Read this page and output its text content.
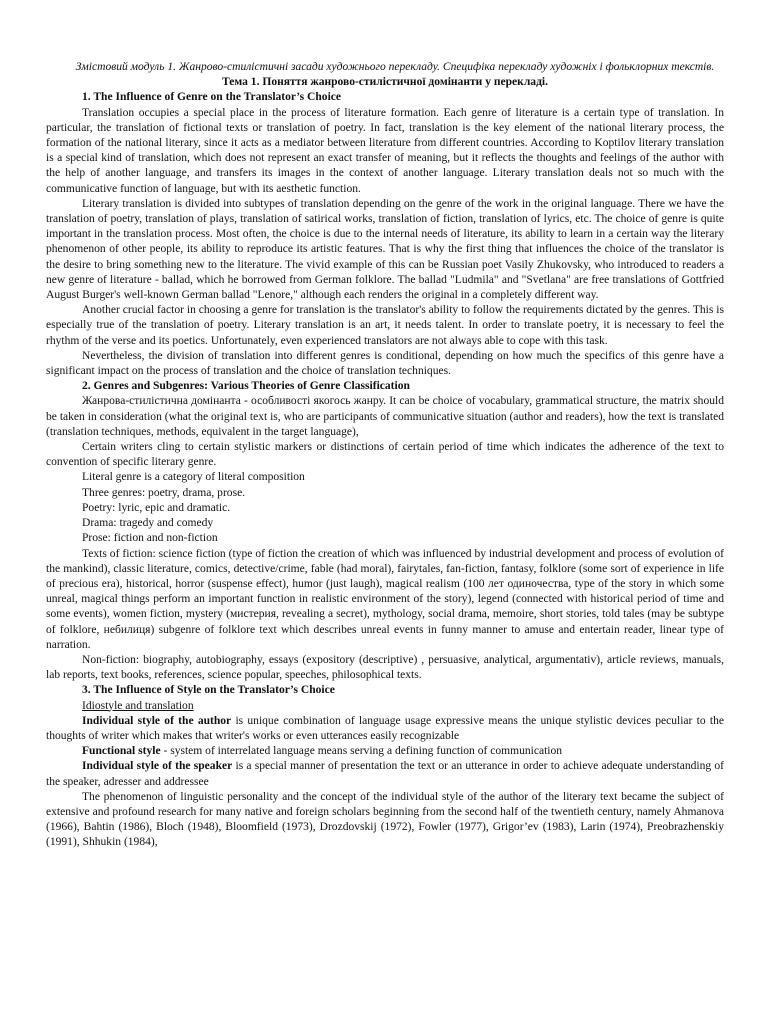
Змістовий модуль 1. Жанрово-стилістичні засади художнього перекладу. Специфіка перекладу художніх і фольклорних текстів.
Тема 1. Поняття жанрово-стилістичної домінанти у перекладі.
1. The Influence of Genre on the Translator’s Choice

Translation occupies a special place in the process of literature formation. Each genre of literature is a certain type of translation. In particular, the translation of fictional texts or translation of poetry. In fact, translation is the key element of the national literary process, the formation of the national literary, since it acts as a mediator between literature from different countries. According to Koptilov literary translation is a special kind of translation, which does not represent an exact transfer of meaning, but it reflects the thoughts and feelings of the author with the help of another language, and transfers its images in the context of another language. Literary translation deals not so much with the communicative function of language, but with its aesthetic function.

Literary translation is divided into subtypes of translation depending on the genre of the work in the original language. There we have the translation of poetry, translation of plays, translation of satirical works, translation of fiction, translation of lyrics, etc. The choice of genre is quite important in the translation process. Most often, the choice is due to the internal needs of literature, its ability to learn in a certain way the literary phenomenon of other people, its ability to reproduce its artistic features. That is why the first thing that influences the choice of the translator is the desire to bring something new to the literature. The vivid example of this can be Russian poet Vasily Zhukovsky, who introduced to readers a new genre of literature - ballad, which he borrowed from German folklore. The ballad "Ludmila" and "Svetlana" are free translations of Gottfried August Burger's well-known German ballad "Lenore," although each renders the original in a completely different way.

Another crucial factor in choosing a genre for translation is the translator's ability to follow the requirements dictated by the genres. This is especially true of the translation of poetry. Literary translation is an art, it needs talent. In order to translate poetry, it is necessary to feel the rhythm of the verse and its poetics. Unfortunately, even experienced translators are not always able to cope with this task.

Nevertheless, the division of translation into different genres is conditional, depending on how much the specifics of this genre have a significant impact on the process of translation and the choice of translation techniques.

2. Genres and Subgenres: Various Theories of Genre Classification

Жанрова-стилістична домінанта - особливості якогось жанру. It can be choice of vocabulary, grammatical structure, the matrix should be taken in consideration (what the original text is, who are participants of communicative situation (author and readers), how the text is translated (translation techniques, methods, equivalent in the target language),

Certain writers cling to certain stylistic markers or distinctions of certain period of time which indicates the adherence of the text to convention of specific literary genre.

Literal genre is a category of literal composition
Three genres: poetry, drama, prose.
Poetry: lyric, epic and dramatic.
Drama: tragedy and comedy
Prose: fiction and non-fiction

Texts of fiction: science fiction (type of fiction the creation of which was influenced by industrial development and process of evolution of the mankind), classic literature, comics, detective/crime, fable (had moral), fairytales, fan-fiction, fantasy, folklore (some sort of experience in life of precious era), historical, horror (suspense effect), humor (just laugh), magical realism (100 лет одиночества, type of the story in which some unreal, magical things perform an important function in realistic environment of the story), legend (connected with historical period of time and some events), women fiction, mystery (мистерия, revealing a secret), mythology, social drama, memoire, short stories, told tales (may be subtype of folklore, небилиця) subgenre of folklore text which describes unreal events in funny manner to amuse and entertain reader, linear type of narration.

Non-fiction: biography, autobiography, essays (expository (descriptive) , persuasive, analytical, argumentativ), article reviews, manuals, lab reports, text books, references, science popular, speeches, philosophical texts.

3. The Influence of Style on the Translator’s Choice
Idiostyle and translation

Individual style of the author is unique combination of language usage expressive means the unique stylistic devices peculiar to the thoughts of writer which makes that writer's works or even utterances easily recognizable

Functional style - system of interrelated language means serving a defining function of communication

Individual style of the speaker is a special manner of presentation the text or an utterance in order to achieve adequate understanding of the speaker, adresser and addressee

The phenomenon of linguistic personality and the concept of the individual style of the author of the literary text became the subject of extensive and profound research for many native and foreign scholars beginning from the second half of the twentieth century, namely Ahmanova (1966), Bahtin (1986), Bloch (1948), Bloomfield (1973), Drozdovskij (1972), Fowler (1977), Grigor’ev (1983), Larin (1974), Preobrazhenskiy (1991), Shhukin (1984),
